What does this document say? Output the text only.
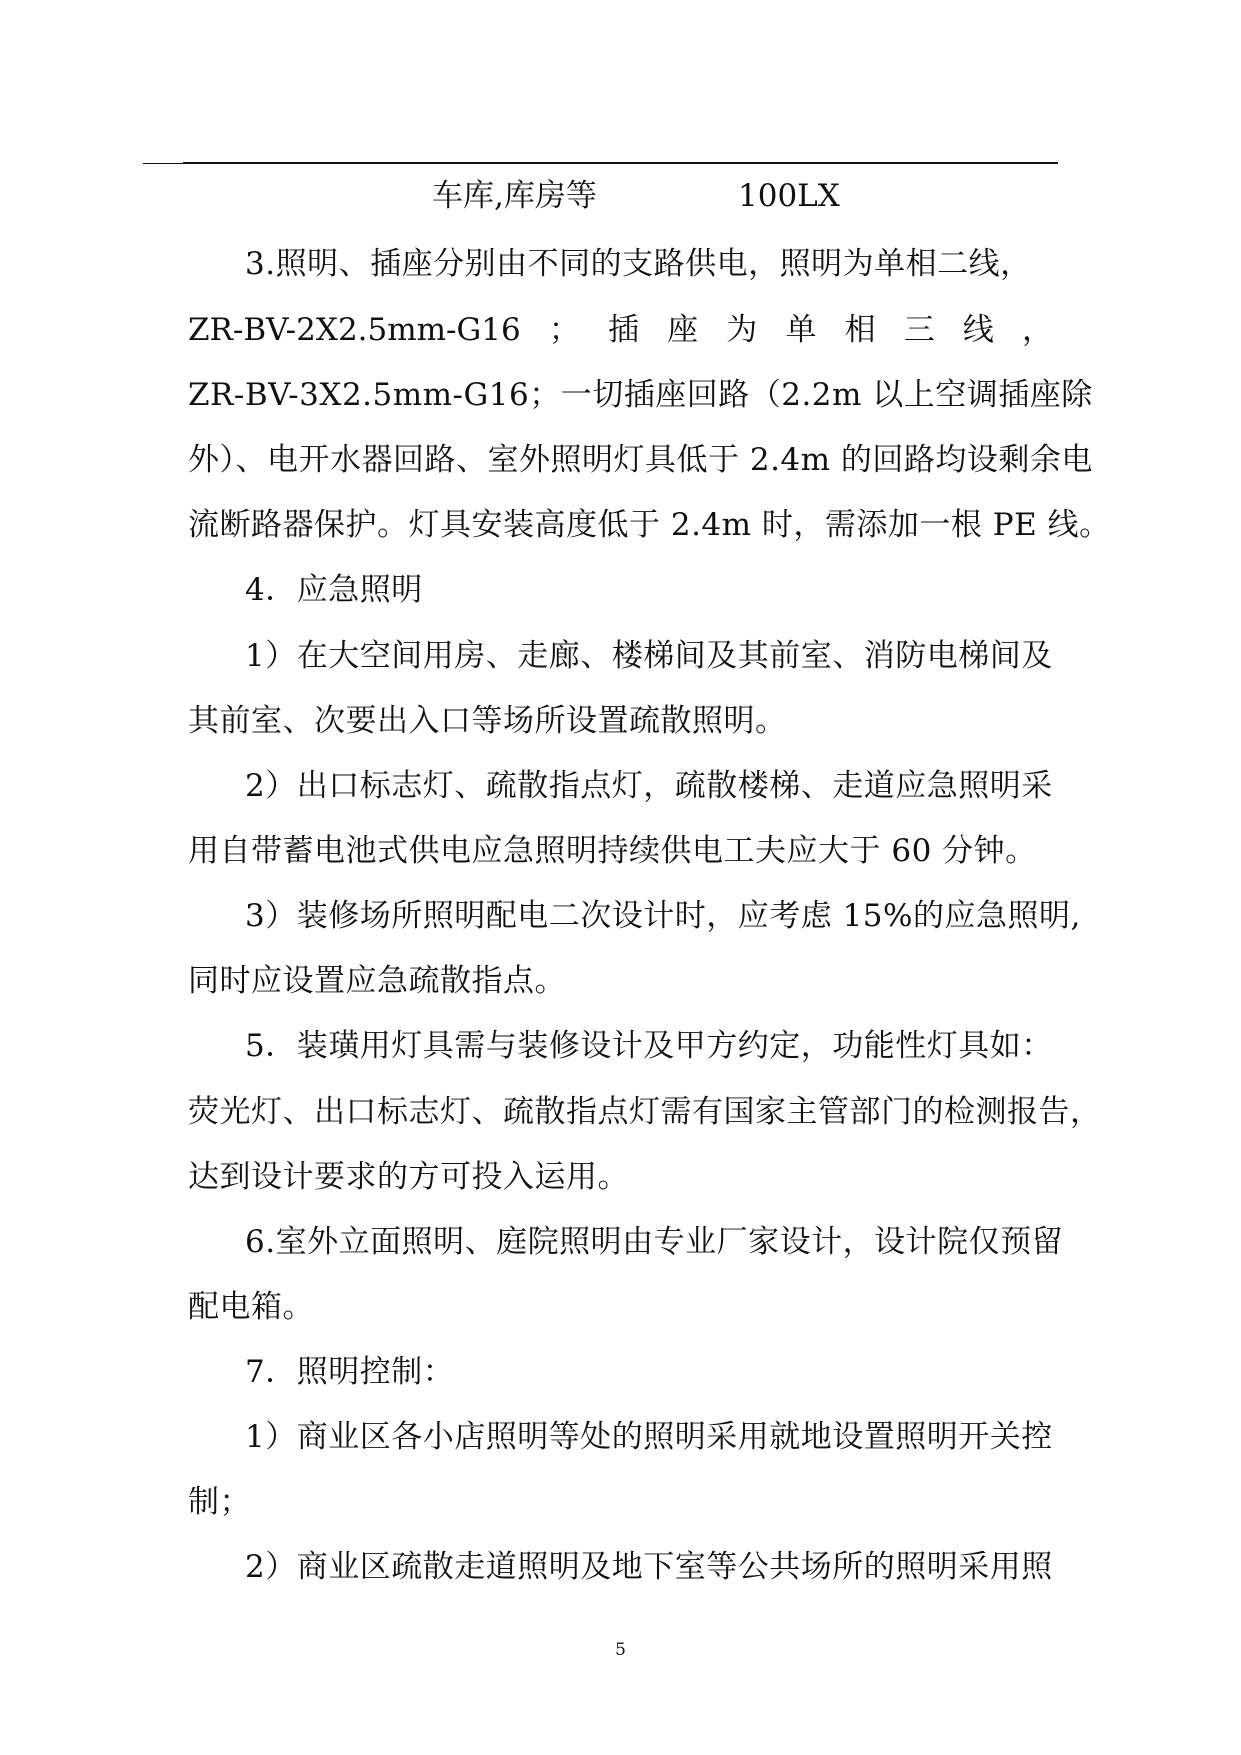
车库,库房等	100LX
3.照明、插座分别由不同的支路供电，照明为单相二线，
ZR-BV-2X2.5mm-G16 ； 插 座 为 单 相 三 线 ，
ZR-BV-3X2.5mm-G16；一切插座回路（2.2m 以上空调插座除
外）、电开水器回路、室外照明灯具低于 2.4m 的回路均设剩余电
流断路器保护。灯具安装高度低于 2.4m 时，需添加一根 PE 线。
4．应急照明
1）在大空间用房、走廊、楼梯间及其前室、消防电梯间及
其前室、次要出入口等场所设置疏散照明。
2）出口标志灯、疏散指点灯，疏散楼梯、走道应急照明采
用自带蓄电池式供电应急照明持续供电工夫应大于 60 分钟。
3）装修场所照明配电二次设计时，应考虑 15%的应急照明,
同时应设置应急疏散指点。
5．装璜用灯具需与装修设计及甲方约定，功能性灯具如：
荧光灯、出口标志灯、疏散指点灯需有国家主管部门的检测报告，
达到设计要求的方可投入运用。
6.室外立面照明、庭院照明由专业厂家设计，设计院仅预留
配电箱。
7．照明控制：
1）商业区各小店照明等处的照明采用就地设置照明开关控
制；
2）商业区疏散走道照明及地下室等公共场所的照明采用照
5
